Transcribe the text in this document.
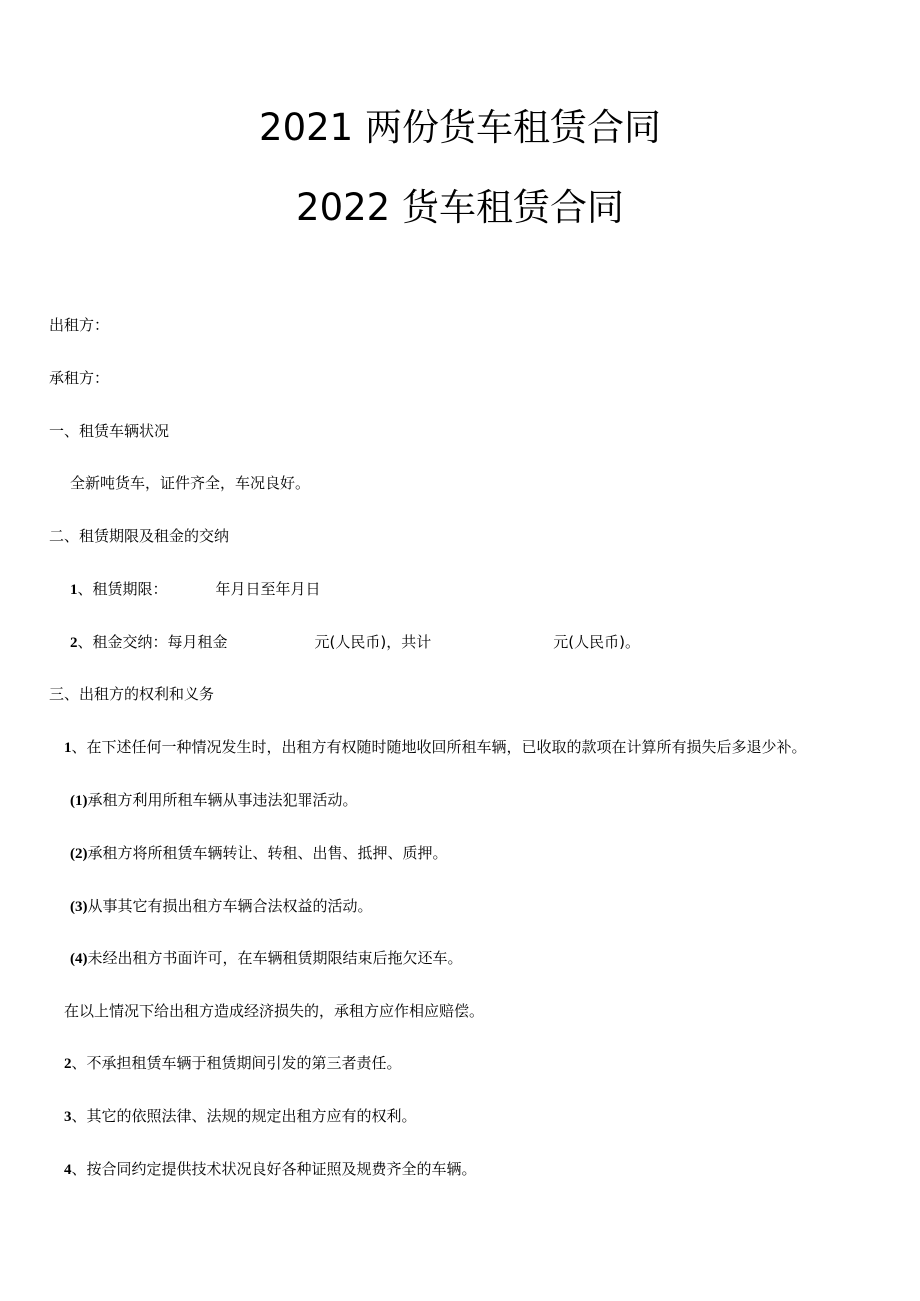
2021 两份货车租赁合同
2022 货车租赁合同
出租方：
承租方：
一、租赁车辆状况
全新吨货车，证件齐全，车况良好。
二、租赁期限及租金的交纳
1、租赁期限：	年月日至年月日
2、租金交纳：每月租金	元(人民币)，共计	元(人民币)。
三、出租方的权利和义务
1、在下述任何一种情况发生时，出租方有权随时随地收回所租车辆，已收取的款项在计算所有损失后多退少补。
(1)承租方利用所租车辆从事违法犯罪活动。
(2)承租方将所租赁车辆转让、转租、出售、抵押、质押。
(3)从事其它有损出租方车辆合法权益的活动。
(4)未经出租方书面许可，在车辆租赁期限结束后拖欠还车。
在以上情况下给出租方造成经济损失的，承租方应作相应赔偿。
2、不承担租赁车辆于租赁期间引发的第三者责任。
3、其它的依照法律、法规的规定出租方应有的权利。
4、按合同约定提供技术状况良好各种证照及规费齐全的车辆。
